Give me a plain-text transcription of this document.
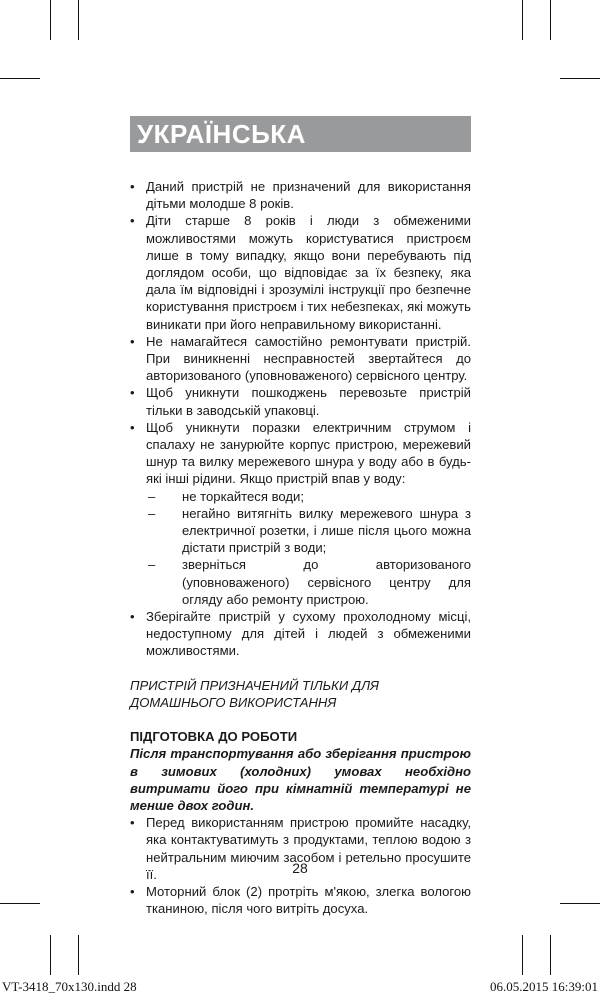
УКРАЇНСЬКА
• Даний пристрій не призначений для використання дітьми молодше 8 років.
• Діти старше 8 років і люди з обмеженими можливостями можуть користуватися пристроєм лише в тому випадку, якщо вони перебувають під доглядом особи, що відповідає за їх безпеку, яка дала їм відповідні і зрозумілі інструкції про безпечне користування пристроєм і тих небезпеках, які можуть виникати при його неправильному використанні.
• Не намагайтеся самостійно ремонтувати пристрій. При виникненні несправностей звертайтеся до авторизованого (уповноваженого) сервісного центру.
• Щоб уникнути пошкоджень перевозьте пристрій тільки в заводській упаковці.
• Щоб уникнути поразки електричним струмом і спалаху не занурюйте корпус пристрою, мережевий шнур та вилку мережевого шнура у воду або в будь-які інші рідини. Якщо пристрій впав у воду:
– не торкайтеся води;
– негайно витягніть вилку мережевого шнура з електричної розетки, і лише після цього можна дістати пристрій з води;
– зверніться до авторизованого (уповноваженого) сервісного центру для огляду або ремонту пристрою.
• Зберігайте пристрій у сухому прохолодному місці, недоступному для дітей і людей з обмеженими можливостями.

ПРИСТРІЙ ПРИЗНАЧЕНИЙ ТІЛЬКИ ДЛЯ ДОМАШНЬОГО ВИКОРИСТАННЯ

ПІДГОТОВКА ДО РОБОТИ

Після транспортування або зберігання пристрою в зимових (холодних) умовах необхідно витримати його при кімнатній температурі не менше двох годин.

• Перед використанням пристрою промийте насадку, яка контактуватимуть з продуктами, теплою водою з нейтральним миючим засобом і ретельно просушите її.
• Моторний блок (2) протріть м'якою, злегка вологою тканиною, після чого витріть досуха.
28
VT-3418_70x130.indd 28	06.05.2015 16:39:01
